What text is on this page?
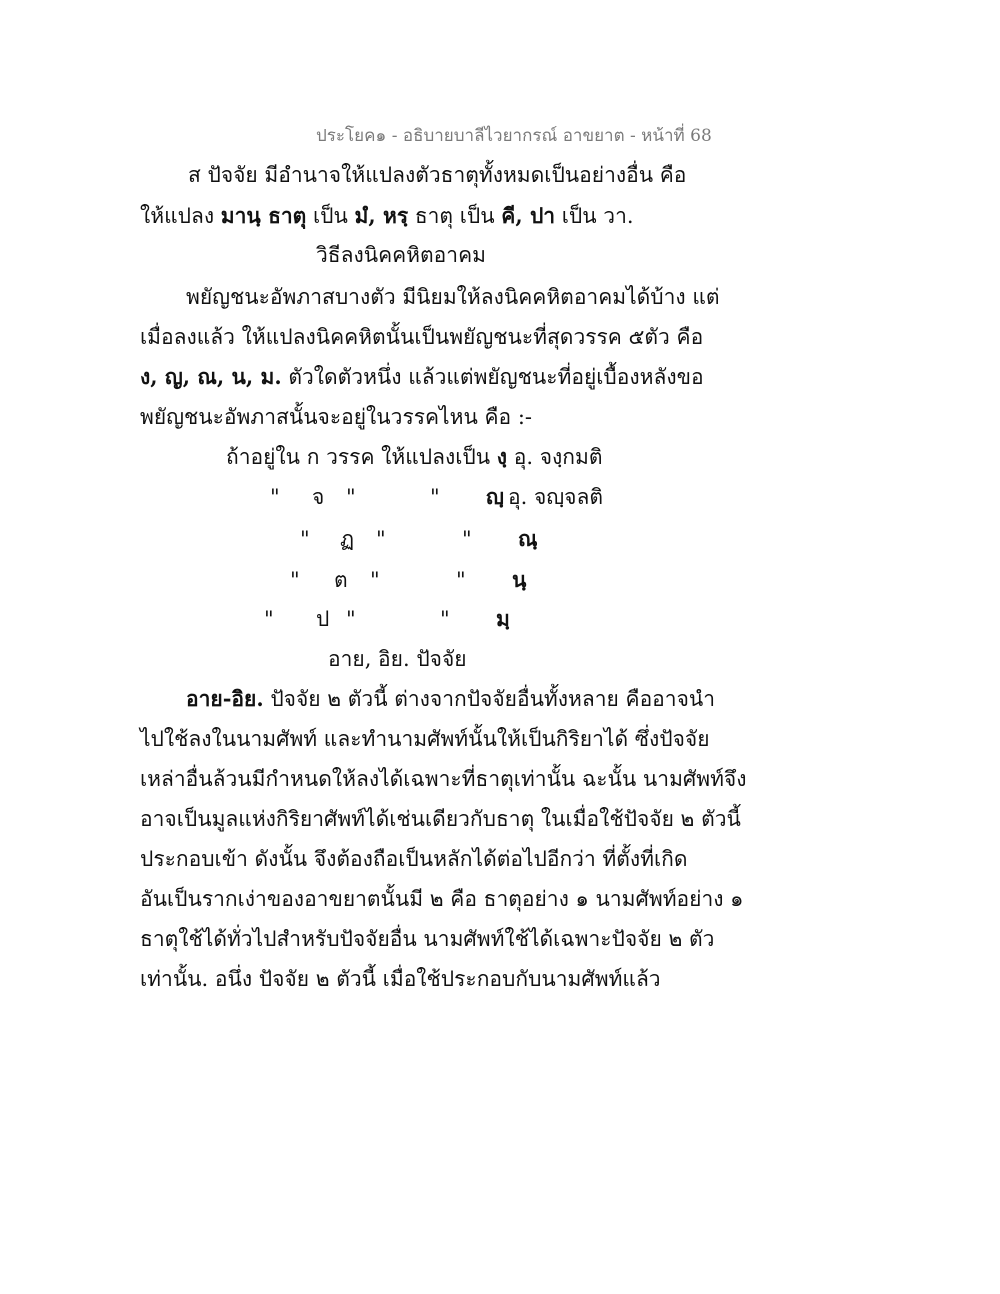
ประโยค๑ - อธิบายบาลีไวยากรณ์ อาขยาต - หน้าที่ 68
ส ปัจจัย มีอำนาจให้แปลงตัวธาตุทั้งหมดเป็นอย่างอื่น คือ
ให้แปลง มานฺ ธาตุ เป็น มํ, หรฺ ธาตุ เป็น คี, ปา เป็น วา.
วิธีลงนิคคหิตอาคม
พยัญชนะอัพภาสบางตัว มีนิยมให้ลงนิคคหิตอาคมได้บ้าง แต่
เมื่อลงแล้ว ให้แปลงนิคคหิตนั้นเป็นพยัญชนะที่สุดวรรค ๕ตัว คือ
ง, ญ, ณ, น, ม. ตัวใดตัวหนึ่ง แล้วแต่พยัญชนะที่อยู่เบื้องหลังขอ
พยัญชนะอัพภาสนั้นจะอยู่ในวรรคไหน คือ :-
ถ้าอยู่ใน ก วรรค ให้แปลงเป็น งฺ อุ. จงฺกมติ
" จ "	" ญฺ อุ. จญฺจลติ
" ฏ "	" ณฺ
" ต "	" นฺ
" ป "	" มฺ
อาย, อิย. ปัจจัย
อาย-อิย. ปัจจัย ๒ ตัวนี้ ต่างจากปัจจัยอื่นทั้งหลาย คืออาจนำ
ไปใช้ลงในนามศัพท์ และทำนามศัพท์นั้นให้เป็นกิริยาได้ ซึ่งปัจจัย
เหล่าอื่นล้วนมีกำหนดให้ลงได้เฉพาะที่ธาตุเท่านั้น ฉะนั้น นามศัพท์จึง
อาจเป็นมูลแห่งกิริยาศัพท์ได้เช่นเดียวกับธาตุ ในเมื่อใช้ปัจจัย ๒ ตัวนี้
ประกอบเข้า ดังนั้น จึงต้องถือเป็นหลักได้ต่อไปอีกว่า ที่ตั้งที่เกิด
อันเป็นรากเง่าของอาขยาตนั้นมี ๒ คือ ธาตุอย่าง ๑ นามศัพท์อย่าง ๑
ธาตุใช้ได้ทั่วไปสำหรับปัจจัยอื่น นามศัพท์ใช้ได้เฉพาะปัจจัย ๒ ตัว
เท่านั้น. อนึ่ง ปัจจัย ๒ ตัวนี้ เมื่อใช้ประกอบกับนามศัพท์แล้ว
